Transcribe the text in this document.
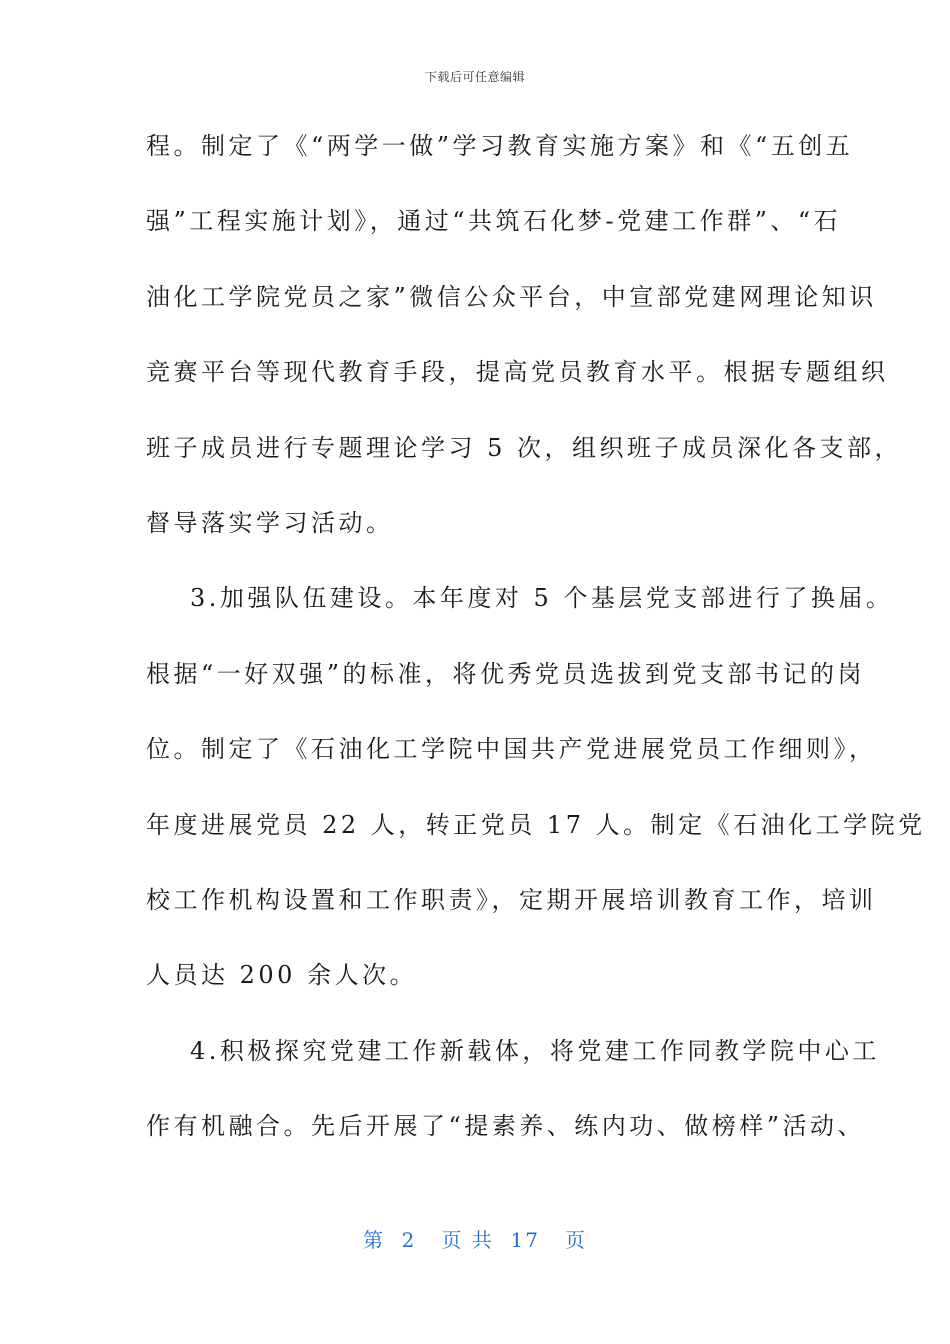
下载后可任意编辑
程。制定了《“两学一做”学习教育实施方案》和《“五创五
强”工程实施计划》，通过“共筑石化梦-党建工作群”、“石
油化工学院党员之家”微信公众平台，中宣部党建网理论知识
竞赛平台等现代教育手段，提高党员教育水平。根据专题组织
班子成员进行专题理论学习 5 次，组织班子成员深化各支部，
督导落实学习活动。
3.加强队伍建设。本年度对 5 个基层党支部进行了换届。
根据“一好双强”的标准，将优秀党员选拔到党支部书记的岗
位。制定了《石油化工学院中国共产党进展党员工作细则》，
年度进展党员 22 人，转正党员 17 人。制定《石油化工学院党
校工作机构设置和工作职责》，定期开展培训教育工作，培训
人员达 200 余人次。
4.积极探究党建工作新载体，将党建工作同教学院中心工
作有机融合。先后开展了“提素养、练内功、做榜样”活动、
第  2   页 共  17   页
